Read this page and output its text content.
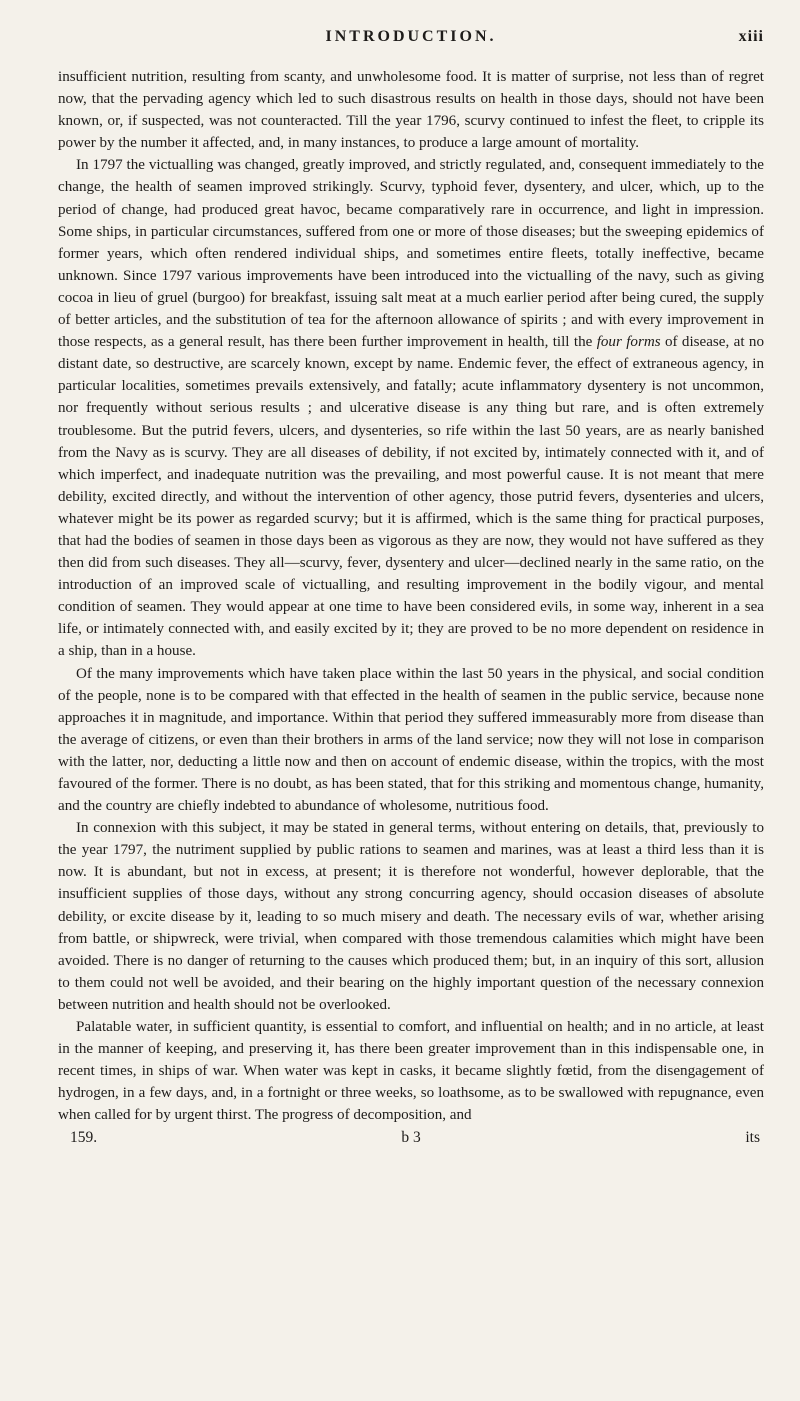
INTRODUCTION.	xiii

insufficient nutrition, resulting from scanty, and unwholesome food. It is matter of surprise, not less than of regret now, that the pervading agency which led to such disastrous results on health in those days, should not have been known, or, if suspected, was not counteracted. Till the year 1796, scurvy continued to infest the fleet, to cripple its power by the number it affected, and, in many instances, to produce a large amount of mortality.

In 1797 the victualling was changed, greatly improved, and strictly regulated, and, consequent immediately to the change, the health of seamen improved strikingly. Scurvy, typhoid fever, dysentery, and ulcer, which, up to the period of change, had produced great havoc, became comparatively rare in occurrence, and light in impression. Some ships, in particular circumstances, suffered from one or more of those diseases; but the sweeping epidemics of former years, which often rendered individual ships, and sometimes entire fleets, totally ineffective, became unknown. Since 1797 various improvements have been introduced into the victualling of the navy, such as giving cocoa in lieu of gruel (burgoo) for breakfast, issuing salt meat at a much earlier period after being cured, the supply of better articles, and the substitution of tea for the afternoon allowance of spirits ; and with every improvement in those respects, as a general result, has there been further improvement in health, till the four forms of disease, at no distant date, so destructive, are scarcely known, except by name. Endemic fever, the effect of extraneous agency, in particular localities, sometimes prevails extensively, and fatally; acute inflammatory dysentery is not uncommon, nor frequently without serious results ; and ulcerative disease is any thing but rare, and is often extremely troublesome. But the putrid fevers, ulcers, and dysenteries, so rife within the last 50 years, are as nearly banished from the Navy as is scurvy. They are all diseases of debility, if not excited by, intimately connected with it, and of which imperfect, and inadequate nutrition was the prevailing, and most powerful cause. It is not meant that mere debility, excited directly, and without the intervention of other agency, those putrid fevers, dysenteries and ulcers, whatever might be its power as regarded scurvy; but it is affirmed, which is the same thing for practical purposes, that had the bodies of seamen in those days been as vigorous as they are now, they would not have suffered as they then did from such diseases. They all—scurvy, fever, dysentery and ulcer—declined nearly in the same ratio, on the introduction of an improved scale of victualling, and resulting improvement in the bodily vigour, and mental condition of seamen. They would appear at one time to have been considered evils, in some way, inherent in a sea life, or intimately connected with, and easily excited by it; they are proved to be no more dependent on residence in a ship, than in a house.

Of the many improvements which have taken place within the last 50 years in the physical, and social condition of the people, none is to be compared with that effected in the health of seamen in the public service, because none approaches it in magnitude, and importance. Within that period they suffered immeasurably more from disease than the average of citizens, or even than their brothers in arms of the land service; now they will not lose in comparison with the latter, nor, deducting a little now and then on account of endemic disease, within the tropics, with the most favoured of the former. There is no doubt, as has been stated, that for this striking and momentous change, humanity, and the country are chiefly indebted to abundance of wholesome, nutritious food.

In connexion with this subject, it may be stated in general terms, without entering on details, that, previously to the year 1797, the nutriment supplied by public rations to seamen and marines, was at least a third less than it is now. It is abundant, but not in excess, at present; it is therefore not wonderful, however deplorable, that the insufficient supplies of those days, without any strong concurring agency, should occasion diseases of absolute debility, or excite disease by it, leading to so much misery and death. The necessary evils of war, whether arising from battle, or shipwreck, were trivial, when compared with those tremendous calamities which might have been avoided. There is no danger of returning to the causes which produced them; but, in an inquiry of this sort, allusion to them could not well be avoided, and their bearing on the highly important question of the necessary connexion between nutrition and health should not be overlooked.

Palatable water, in sufficient quantity, is essential to comfort, and influential on health; and in no article, at least in the manner of keeping, and preserving it, has there been greater improvement than in this indispensable one, in recent times, in ships of war. When water was kept in casks, it became slightly fœtid, from the disengagement of hydrogen, in a few days, and, in a fortnight or three weeks, so loathsome, as to be swallowed with repugnance, even when called for by urgent thirst. The progress of decomposition, and

159.	b 3	its
